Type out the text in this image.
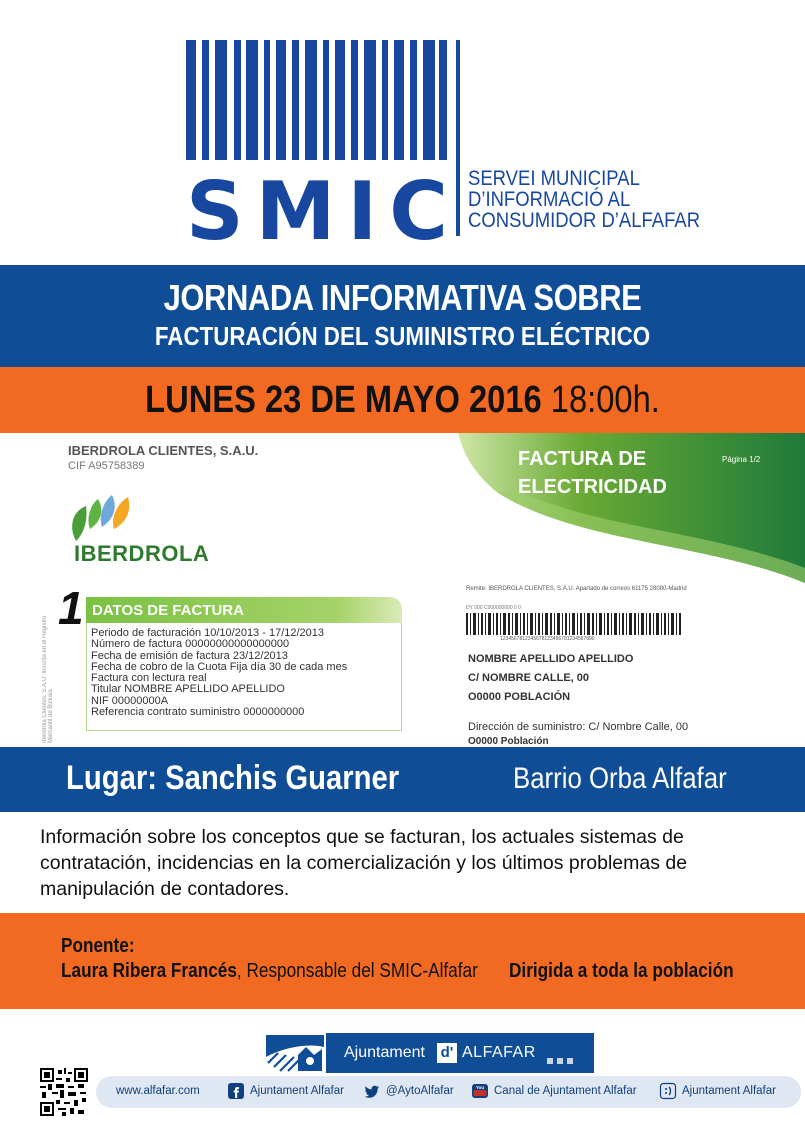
S M I C SERVEI MUNICIPAL
D’INFORMACIÓ AL
CONSUMIDOR D’ALFAFAR
JORNADA INFORMATIVA SOBRE
FACTURACIÓN DEL SUMINISTRO ELÉCTRICO
LUNES 23 DE MAYO 2016 18:00h.
IBERDROLA CLIENTES, S.A.U.
CIF A95758389
IBERDROLA
FACTURA DE
ELECTRICIDAD
Página 1/2
Iberdrola Clientes, S.A.U. Inscrita en el Registro Mercantil de Bizkaia
1 DATOS DE FACTURA
Periodo de facturación 10/10/2013 - 17/12/2013
Número de factura 00000000000000000
Fecha de emisión de factura 23/12/2013
Fecha de cobro de la Cuota Fija día 30 de cada mes
Factura con lectura real
Titular NOMBRE APELLIDO APELLIDO
NIF 00000000A
Referencia contrato suministro 0000000000
Remite: IBERDROLA CLIENTES, S.A.U. Apartado de correos 61175 28080-Madrid
DY 000 C000000000 0 0
1234567812345678123456781234567890
NOMBRE APELLIDO APELLIDO
C/ NOMBRE CALLE, 00
O0000 POBLACIÓN
Dirección de suministro: C/ Nombre Calle, 00
O0000 Población
Lugar: Sanchis Guarner	Barrio Orba Alfafar
Información sobre los conceptos que se facturan, los actuales sistemas de contratación, incidencias en la comercialización y los últimos problemas de manipulación de contadores.
Ponente:
Laura Ribera Francés, Responsable del SMIC-Alfafar Dirigida a toda la población
Ajuntament d' ALFAFAR
www.alfafar.com	Ajuntament Alfafar	@AytoAlfafar	You Canal de Ajuntament Alfafar	Ajuntament Alfafar
